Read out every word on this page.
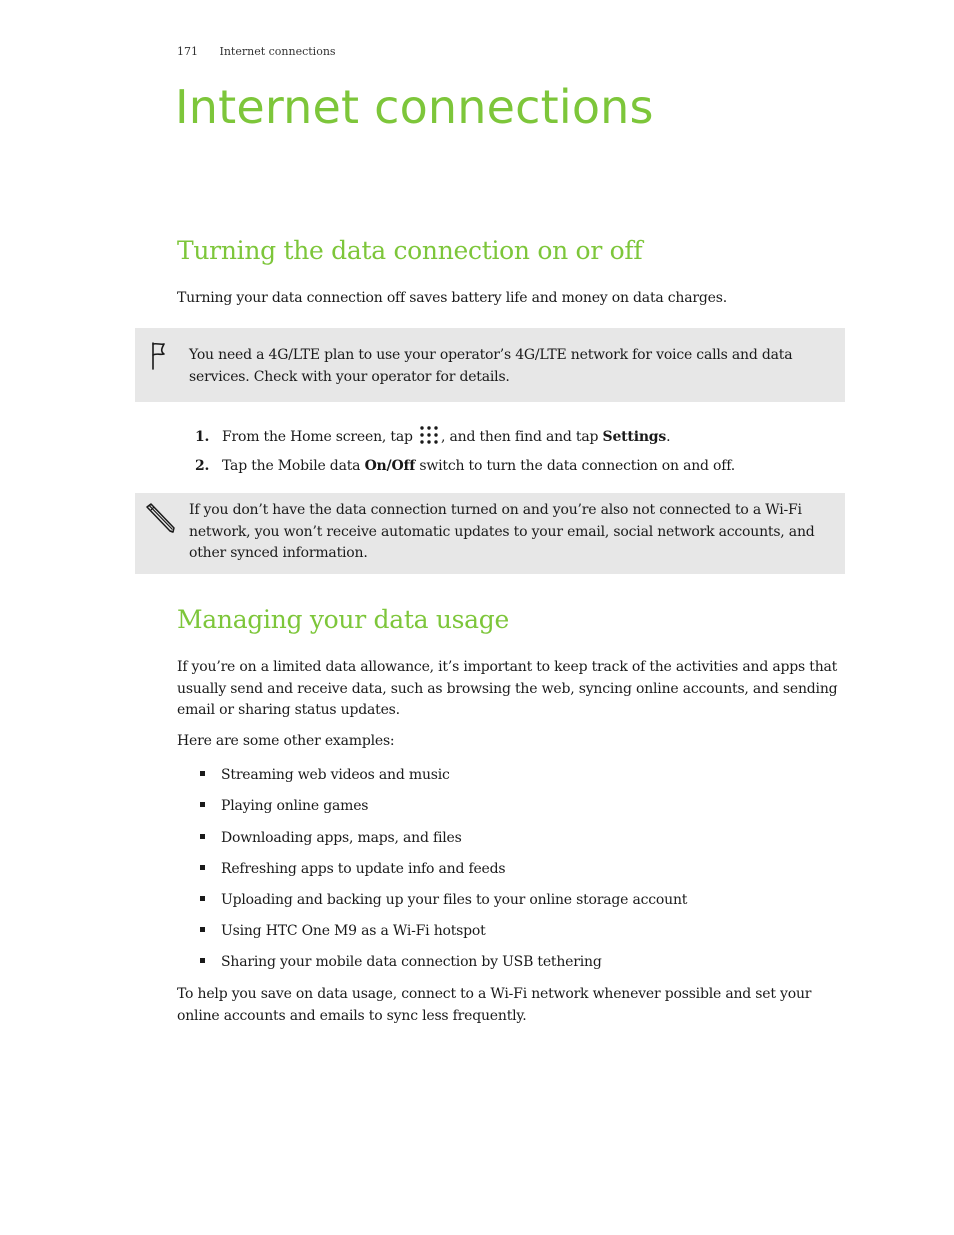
171 Internet connections
Internet connections
Turning the data connection on or off

Turning your data connection off saves battery life and money on data charges.

You need a 4G/LTE plan to use your operator’s 4G/LTE network for voice calls and data services. Check with your operator for details.
1. From the Home screen, tap , and then find and tap Settings.
2. Tap the Mobile data On/Off switch to turn the data connection on and off.
If you don’t have the data connection turned on and you’re also not connected to a Wi-Fi network, you won’t receive automatic updates to your email, social network accounts, and other synced information.
Managing your data usage

If you’re on a limited data allowance, it’s important to keep track of the activities and apps that usually send and receive data, such as browsing the web, syncing online accounts, and sending email or sharing status updates.

Here are some other examples:

Streaming web videos and music
Playing online games
Downloading apps, maps, and files
Refreshing apps to update info and feeds
Uploading and backing up your files to your online storage account
Using HTC One M9 as a Wi-Fi hotspot
Sharing your mobile data connection by USB tethering

To help you save on data usage, connect to a Wi-Fi network whenever possible and set your online accounts and emails to sync less frequently.
